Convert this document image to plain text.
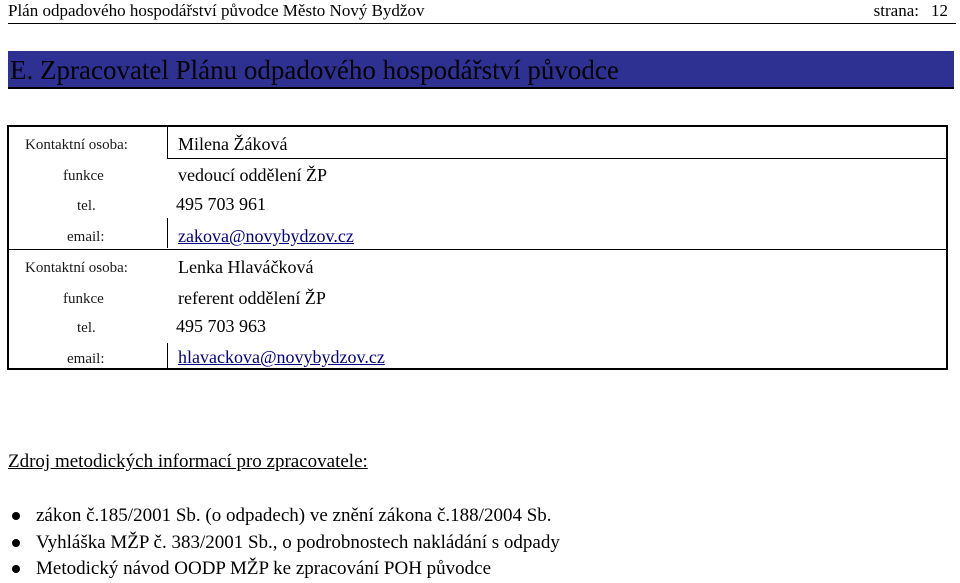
Plán odpadového hospodářství původce Město Nový Bydžov	strana: 12
E. Zpracovatel Plánu odpadového hospodářství původce
Kontaktní osoba:	Milena Žáková
funkce	vedoucí oddělení ŽP
tel.	495 703 961
email:	zakova@novybydzov.cz
Kontaktní osoba:	Lenka Hlaváčková
funkce	referent oddělení ŽP
tel.	495 703 963
email:	hlavackova@novybydzov.cz
Zdroj metodických informací pro zpracovatele:
zákon č.185/2001 Sb. (o odpadech) ve znění zákona č.188/2004 Sb.
Vyhláška MŽP č. 383/2001 Sb., o podrobnostech nakládání s odpady
Metodický návod OODP MŽP ke zpracování POH původce
